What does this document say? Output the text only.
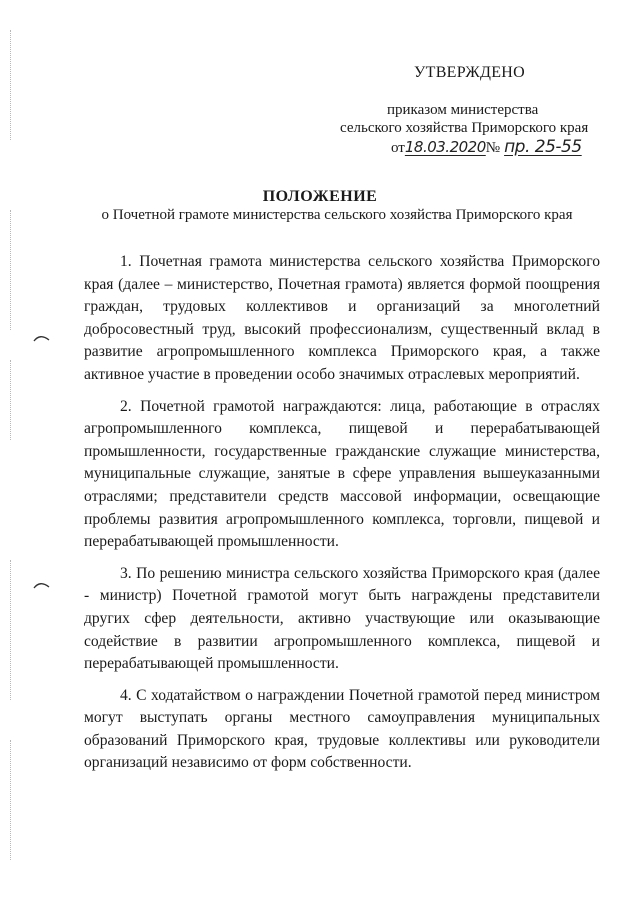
УТВЕРЖДЕНО
приказом министерства
сельского хозяйства Приморского края
от18.03.2020№ пр. 25-55
ПОЛОЖЕНИЕ
о Почетной грамоте министерства сельского хозяйства Приморского края

1. Почетная грамота министерства сельского хозяйства Приморского края (далее – министерство, Почетная грамота) является формой поощрения граждан, трудовых коллективов и организаций за многолетний добросовестный труд, высокий профессионализм, существенный вклад в развитие агропромышленного комплекса Приморского края, а также активное участие в проведении особо значимых отраслевых мероприятий.

2. Почетной грамотой награждаются: лица, работающие в отраслях агропромышленного комплекса, пищевой и перерабатывающей промышленности, государственные гражданские служащие министерства, муниципальные служащие, занятые в сфере управления вышеуказанными отраслями; представители средств массовой информации, освещающие проблемы развития агропромышленного комплекса, торговли, пищевой и перерабатывающей промышленности.

3. По решению министра сельского хозяйства Приморского края (далее - министр) Почетной грамотой могут быть награждены представители других сфер деятельности, активно участвующие или оказывающие содействие в развитии агропромышленного комплекса, пищевой и перерабатывающей промышленности.

4. С ходатайством о награждении Почетной грамотой перед министром могут выступать органы местного самоуправления муниципальных образований Приморского края, трудовые коллективы или руководители организаций независимо от форм собственности.
